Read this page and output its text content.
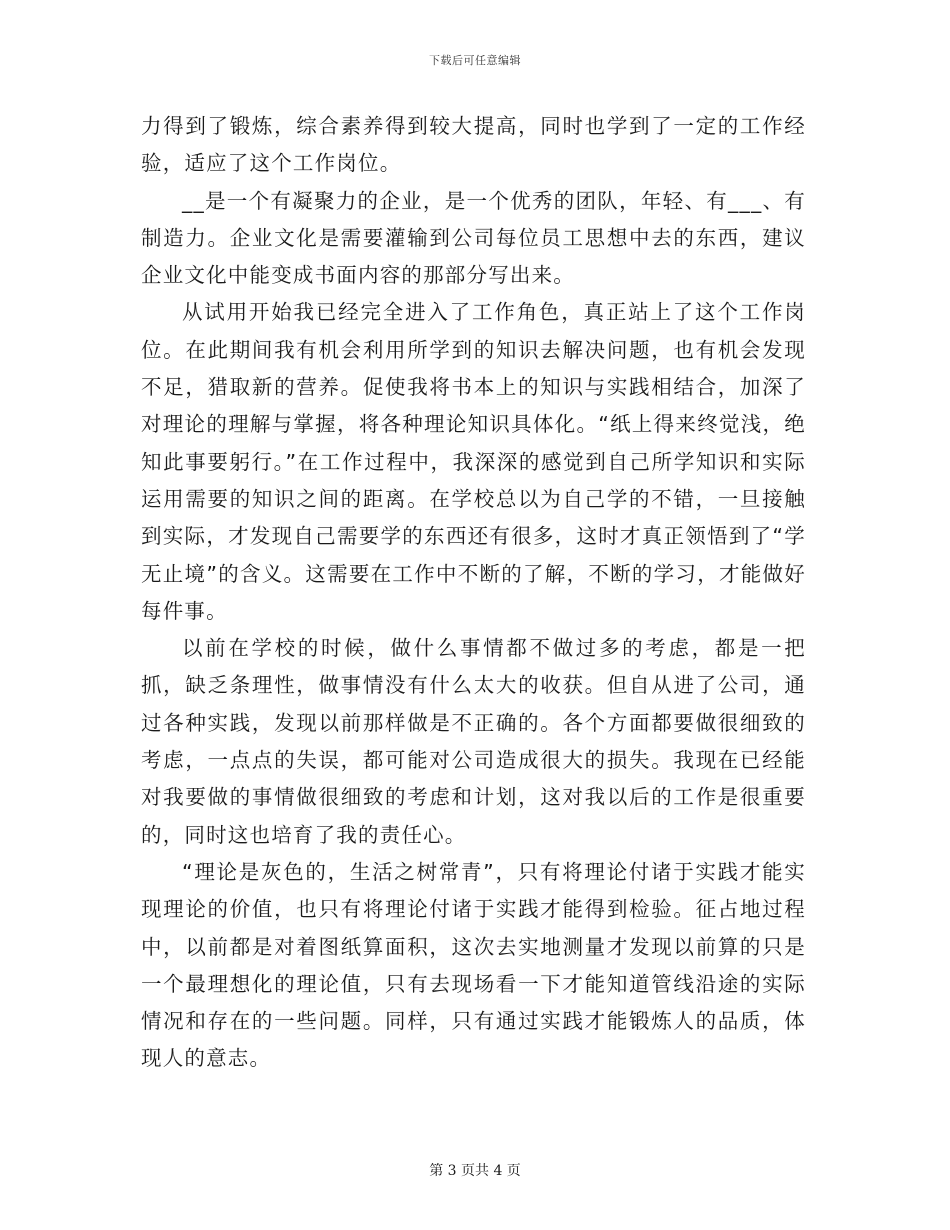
下载后可任意编辑

力得到了锻炼，综合素养得到较大提高，同时也学到了一定的工作经验，适应了这个工作岗位。

__是一个有凝聚力的企业，是一个优秀的团队，年轻、有___、有制造力。企业文化是需要灌输到公司每位员工思想中去的东西，建议企业文化中能变成书面内容的那部分写出来。

从试用开始我已经完全进入了工作角色，真正站上了这个工作岗位。在此期间我有机会利用所学到的知识去解决问题，也有机会发现不足，猎取新的营养。促使我将书本上的知识与实践相结合，加深了对理论的理解与掌握，将各种理论知识具体化。“纸上得来终觉浅，绝知此事要躬行。”在工作过程中，我深深的感觉到自己所学知识和实际运用需要的知识之间的距离。在学校总以为自己学的不错，一旦接触到实际，才发现自己需要学的东西还有很多，这时才真正领悟到了“学无止境”的含义。这需要在工作中不断的了解，不断的学习，才能做好每件事。

以前在学校的时候，做什么事情都不做过多的考虑，都是一把抓，缺乏条理性，做事情没有什么太大的收获。但自从进了公司，通过各种实践，发现以前那样做是不正确的。各个方面都要做很细致的考虑，一点点的失误，都可能对公司造成很大的损失。我现在已经能对我要做的事情做很细致的考虑和计划，这对我以后的工作是很重要的，同时这也培育了我的责任心。

“理论是灰色的，生活之树常青”，只有将理论付诸于实践才能实现理论的价值，也只有将理论付诸于实践才能得到检验。征占地过程中，以前都是对着图纸算面积，这次去实地测量才发现以前算的只是一个最理想化的理论值，只有去现场看一下才能知道管线沿途的实际情况和存在的一些问题。同样，只有通过实践才能锻炼人的品质，体现人的意志。

第 3 页共 4 页
